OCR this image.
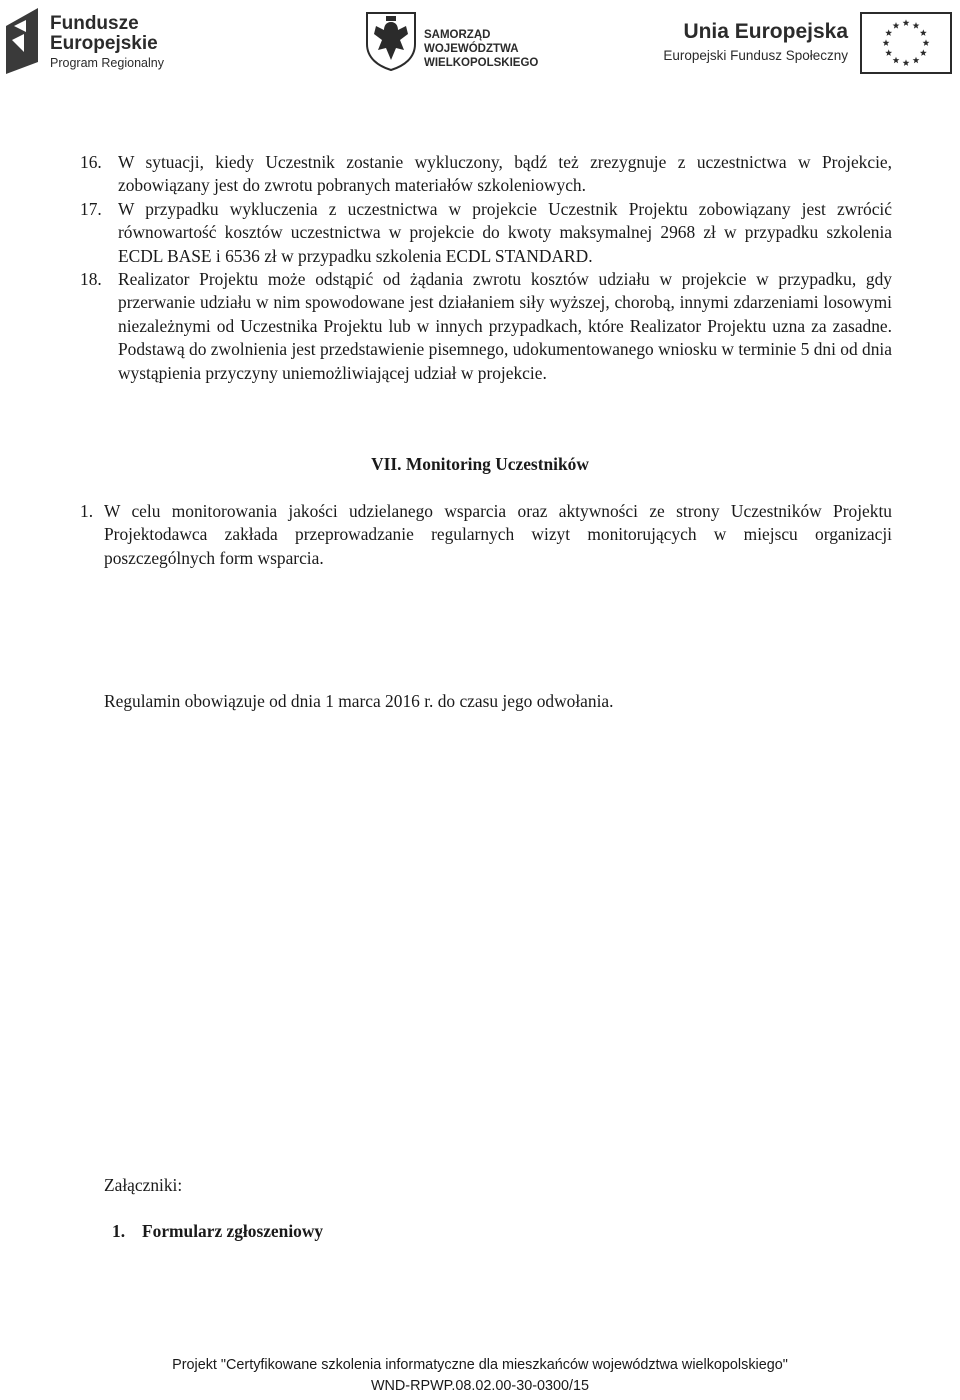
Fundusze
Europejskie
Program Regionalny
SAMORZĄD WOJEWÓDZTWA
WIELKOPOLSKIEGO
Unia Europejska
Europejski Fundusz Społeczny
16. W sytuacji, kiedy Uczestnik zostanie wykluczony, bądź też zrezygnuje z uczestnictwa w Projekcie, zobowiązany jest do zwrotu pobranych materiałów szkoleniowych.
17. W przypadku wykluczenia z uczestnictwa w projekcie Uczestnik Projektu zobowiązany jest zwrócić równowartość kosztów uczestnictwa w projekcie do kwoty maksymalnej 2968 zł w przypadku szkolenia ECDL BASE i 6536 zł w przypadku szkolenia ECDL STANDARD.
18. Realizator Projektu może odstąpić od żądania zwrotu kosztów udziału w projekcie w przypadku, gdy przerwanie udziału w nim spowodowane jest działaniem siły wyższej, chorobą, innymi zdarzeniami losowymi niezależnymi od Uczestnika Projektu lub w innych przypadkach, które Realizator Projektu uzna za zasadne. Podstawą do zwolnienia jest przedstawienie pisemnego, udokumentowanego wniosku w terminie 5 dni od dnia wystąpienia przyczyny uniemożliwiającej udział w projekcie.
VII. Monitoring Uczestników
1. W celu monitorowania jakości udzielanego wsparcia oraz aktywności ze strony Uczestników Projektu Projektodawca zakłada przeprowadzanie regularnych wizyt monitorujących w miejscu organizacji poszczególnych form wsparcia.
Regulamin obowiązuje od dnia 1 marca 2016 r. do czasu jego odwołania.
Załączniki:
1. Formularz zgłoszeniowy
Projekt "Certyfikowane szkolenia informatyczne dla mieszkańców województwa wielkopolskiego"
WND-RPWP.08.02.00-30-0300/15
